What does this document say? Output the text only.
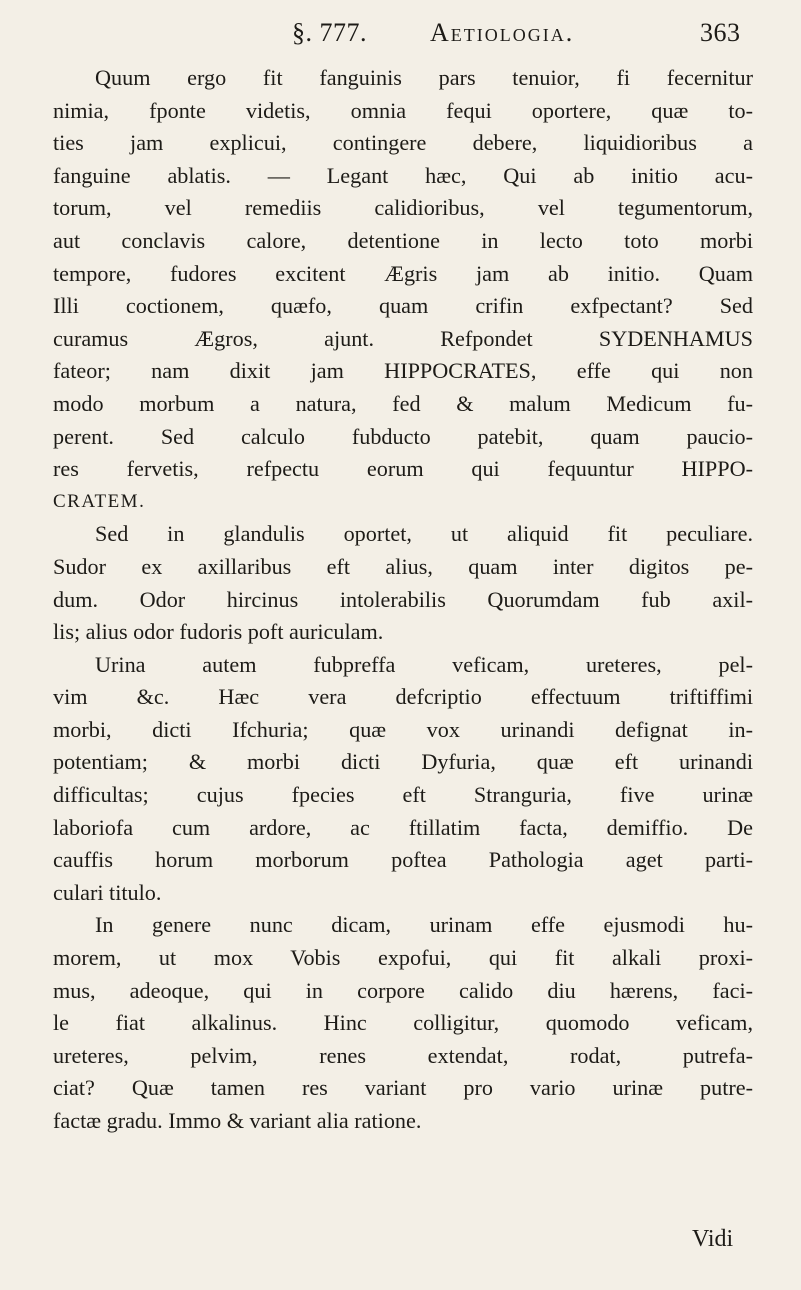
§. 777. Aetiologia.	363

Quum ergo fit fanguinis pars tenuior, fi fecernitur
nimia, fponte videtis, omnia fequi oportere, quæ to-
ties jam explicui, contingere debere, liquidioribus a
fanguine ablatis. — Legant hæc, Qui ab initio acu-
torum, vel remediis calidioribus, vel tegumentorum,
aut conclavis calore, detentione in lecto toto morbi
tempore, fudores excitent Ægris jam ab initio. Quam
Illi coctionem, quæfo, quam crifin exfpectant? Sed
curamus Ægros, ajunt. Refpondet SYDENHAMUS
fateor; nam dixit jam HIPPOCRATES, effe qui non
modo morbum a natura, fed & malum Medicum fu-
perent. Sed calculo fubducto patebit, quam paucio-
res fervetis, refpectu eorum qui fequuntur HIPPO-
CRATEM.

Sed in glandulis oportet, ut aliquid fit peculiare.
Sudor ex axillaribus eft alius, quam inter digitos pe-
dum. Odor hircinus intolerabilis Quorumdam fub axil-
lis; alius odor fudoris poft auriculam.

Urina autem fubpreffa veficam, ureteres, pel-
vim &c. Hæc vera defcriptio effectuum triftiffimi
morbi, dicti Ifchuria; quæ vox urinandi defignat in-
potentiam; & morbi dicti Dyfuria, quæ eft urinandi
difficultas; cujus fpecies eft Stranguria, five urinæ
laboriofa cum ardore, ac ftillatim facta, demiffio. De
cauffis horum morborum poftea Pathologia aget parti-
culari titulo.

In genere nunc dicam, urinam effe ejusmodi hu-
morem, ut mox Vobis expofui, qui fit alkali proxi-
mus, adeoque, qui in corpore calido diu hærens, faci-
le fiat alkalinus. Hinc colligitur, quomodo veficam,
ureteres, pelvim, renes extendat, rodat, putrefa-
ciat? Quæ tamen res variant pro vario urinæ putre-
factæ gradu. Immo & variant alia ratione.

Vidi
